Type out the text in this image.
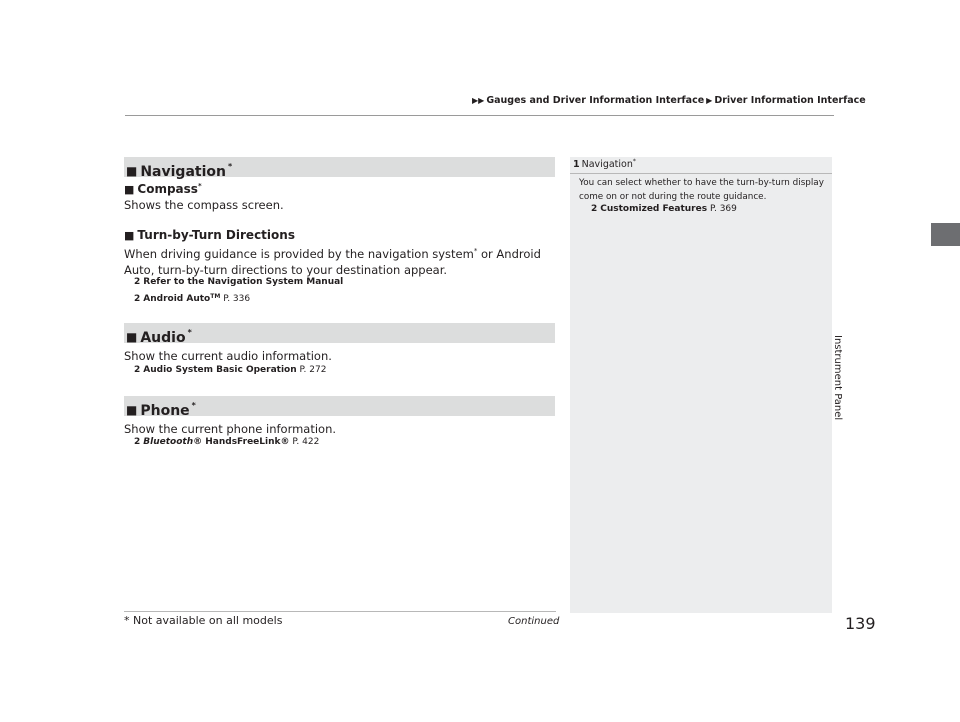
▶▶ Gauges and Driver Information Interface ▶ Driver Information Interface
Instrument Panel
■ Navigation *
■ Compass*
Shows the compass screen.
■ Turn-by-Turn Directions
When driving guidance is provided by the navigation system* or Android Auto, turn-by-turn directions to your destination appear.
2 Refer to the Navigation System Manual
2 Android Auto™ P. 336
■ Audio *
Show the current audio information.
2 Audio System Basic Operation P. 272
■ Phone *
Show the current phone information.
2 Bluetooth® HandsFreeLink® P. 422
1 Navigation*
You can select whether to have the turn-by-turn display come on or not during the route guidance.
2 Customized Features P. 369
* Not available on all models	Continued	139
